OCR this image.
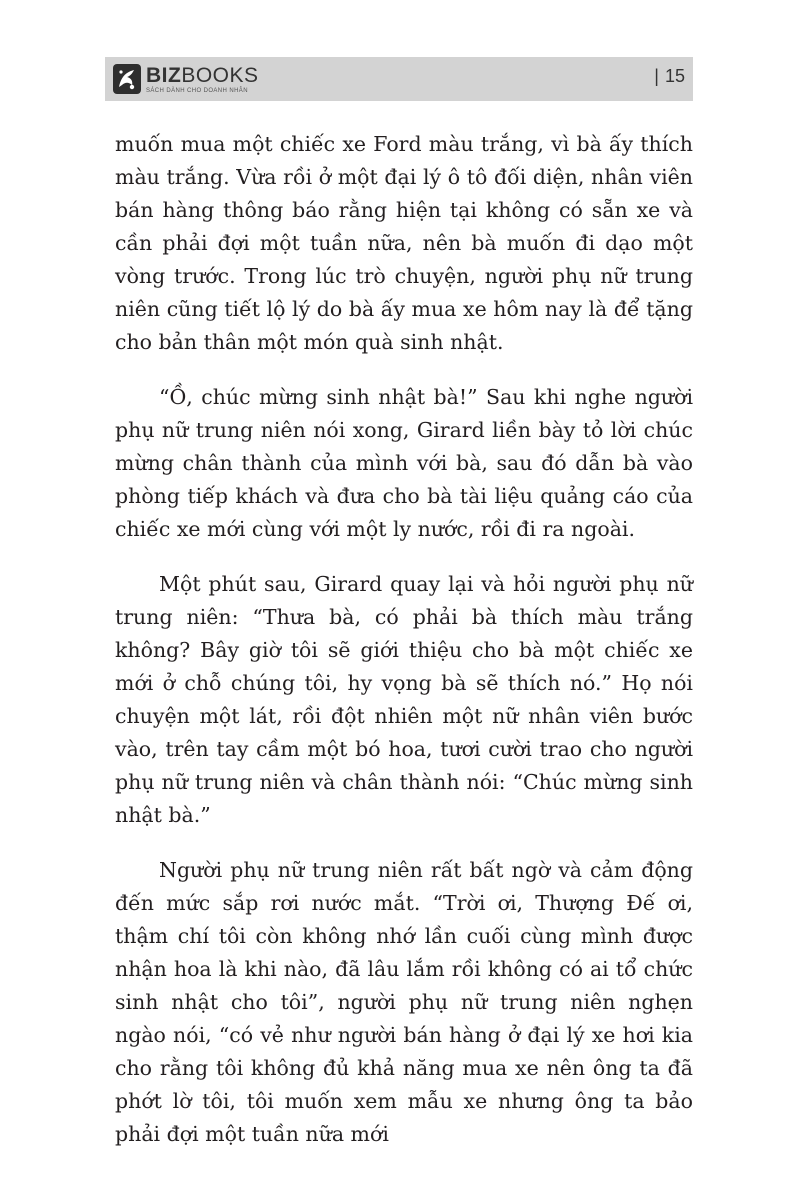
BIZBOOKS
SÁCH DÀNH CHO DOANH NHÂN
| 15

muốn mua một chiếc xe Ford màu trắng, vì bà ấy thích màu trắng. Vừa rồi ở một đại lý ô tô đối diện, nhân viên bán hàng thông báo rằng hiện tại không có sẵn xe và cần phải đợi một tuần nữa, nên bà muốn đi dạo một vòng trước. Trong lúc trò chuyện, người phụ nữ trung niên cũng tiết lộ lý do bà ấy mua xe hôm nay là để tặng cho bản thân một món quà sinh nhật.

“Ồ, chúc mừng sinh nhật bà!” Sau khi nghe người phụ nữ trung niên nói xong, Girard liền bày tỏ lời chúc mừng chân thành của mình với bà, sau đó dẫn bà vào phòng tiếp khách và đưa cho bà tài liệu quảng cáo của chiếc xe mới cùng với một ly nước, rồi đi ra ngoài.

Một phút sau, Girard quay lại và hỏi người phụ nữ trung niên: “Thưa bà, có phải bà thích màu trắng không? Bây giờ tôi sẽ giới thiệu cho bà một chiếc xe mới ở chỗ chúng tôi, hy vọng bà sẽ thích nó.” Họ nói chuyện một lát, rồi đột nhiên một nữ nhân viên bước vào, trên tay cầm một bó hoa, tươi cười trao cho người phụ nữ trung niên và chân thành nói: “Chúc mừng sinh nhật bà.”

Người phụ nữ trung niên rất bất ngờ và cảm động đến mức sắp rơi nước mắt. “Trời ơi, Thượng Đế ơi, thậm chí tôi còn không nhớ lần cuối cùng mình được nhận hoa là khi nào, đã lâu lắm rồi không có ai tổ chức sinh nhật cho tôi”, người phụ nữ trung niên nghẹn ngào nói, “có vẻ như người bán hàng ở đại lý xe hơi kia cho rằng tôi không đủ khả năng mua xe nên ông ta đã phớt lờ tôi, tôi muốn xem mẫu xe nhưng ông ta bảo phải đợi một tuần nữa mới
